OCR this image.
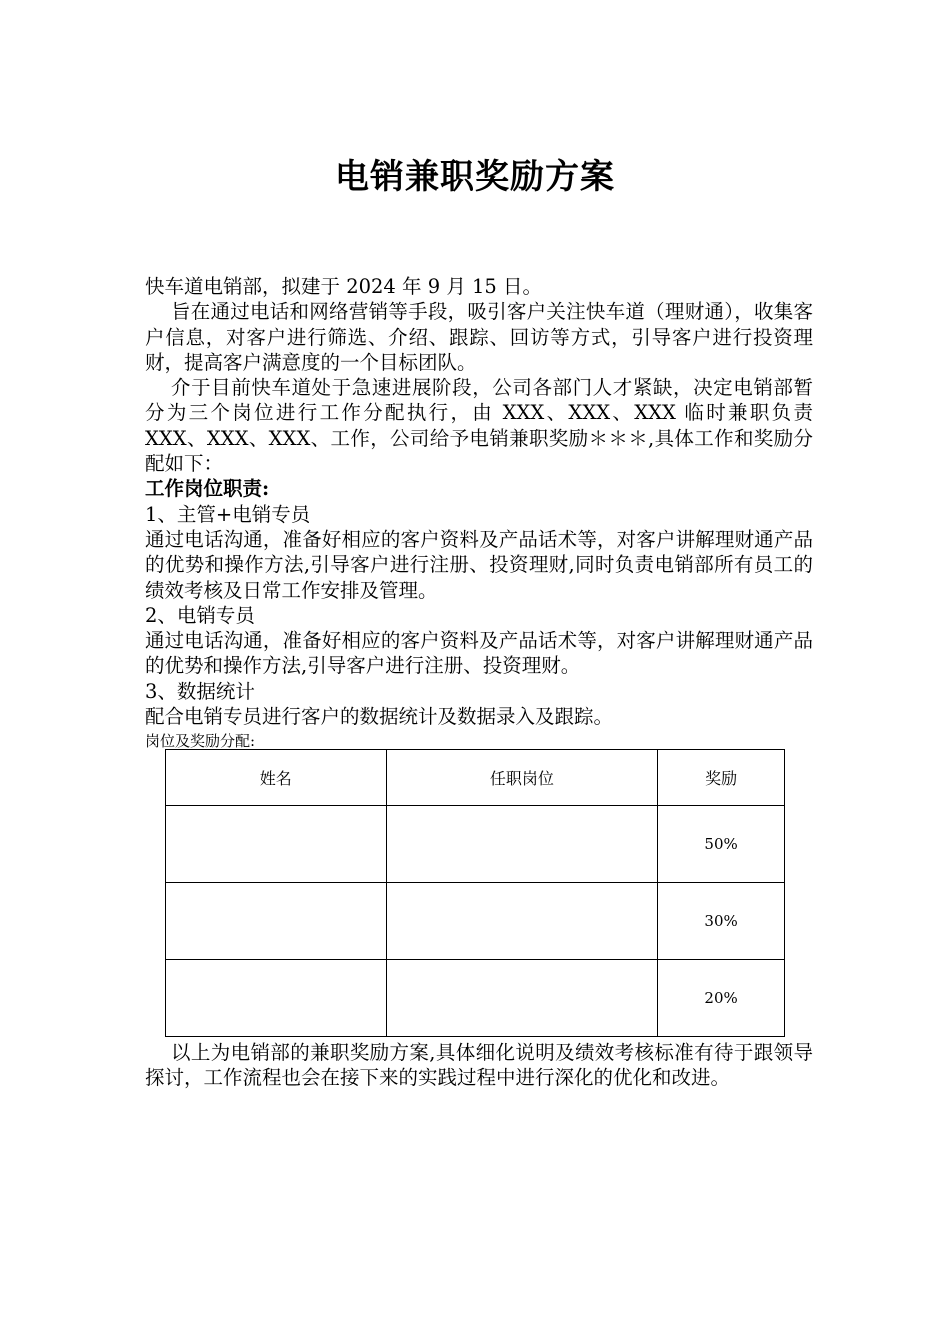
电销兼职奖励方案

快车道电销部，拟建于 2024 年 9 月 15 日。

旨在通过电话和网络营销等手段，吸引客户关注快车道（理财通），收集客户信息，对客户进行筛选、介绍、跟踪、回访等方式，引导客户进行投资理财，提高客户满意度的一个目标团队。

介于目前快车道处于急速进展阶段，公司各部门人才紧缺，决定电销部暂分为三个岗位进行工作分配执行，由 XXX、XXX、XXX 临时兼职负责 XXX、XXX、XXX、工作，公司给予电销兼职奖励＊＊＊,具体工作和奖励分配如下：

工作岗位职责:

1、主管+电销专员

通过电话沟通，准备好相应的客户资料及产品话术等，对客户讲解理财通产品的优势和操作方法,引导客户进行注册、投资理财,同时负责电销部所有员工的绩效考核及日常工作安排及管理。

2、电销专员

通过电话沟通，准备好相应的客户资料及产品话术等，对客户讲解理财通产品的优势和操作方法,引导客户进行注册、投资理财。

3、数据统计

配合电销专员进行客户的数据统计及数据录入及跟踪。

岗位及奖励分配:

姓名	任职岗位	奖励
		50%
		30%
		20%

以上为电销部的兼职奖励方案,具体细化说明及绩效考核标准有待于跟领导探讨，工作流程也会在接下来的实践过程中进行深化的优化和改进。
